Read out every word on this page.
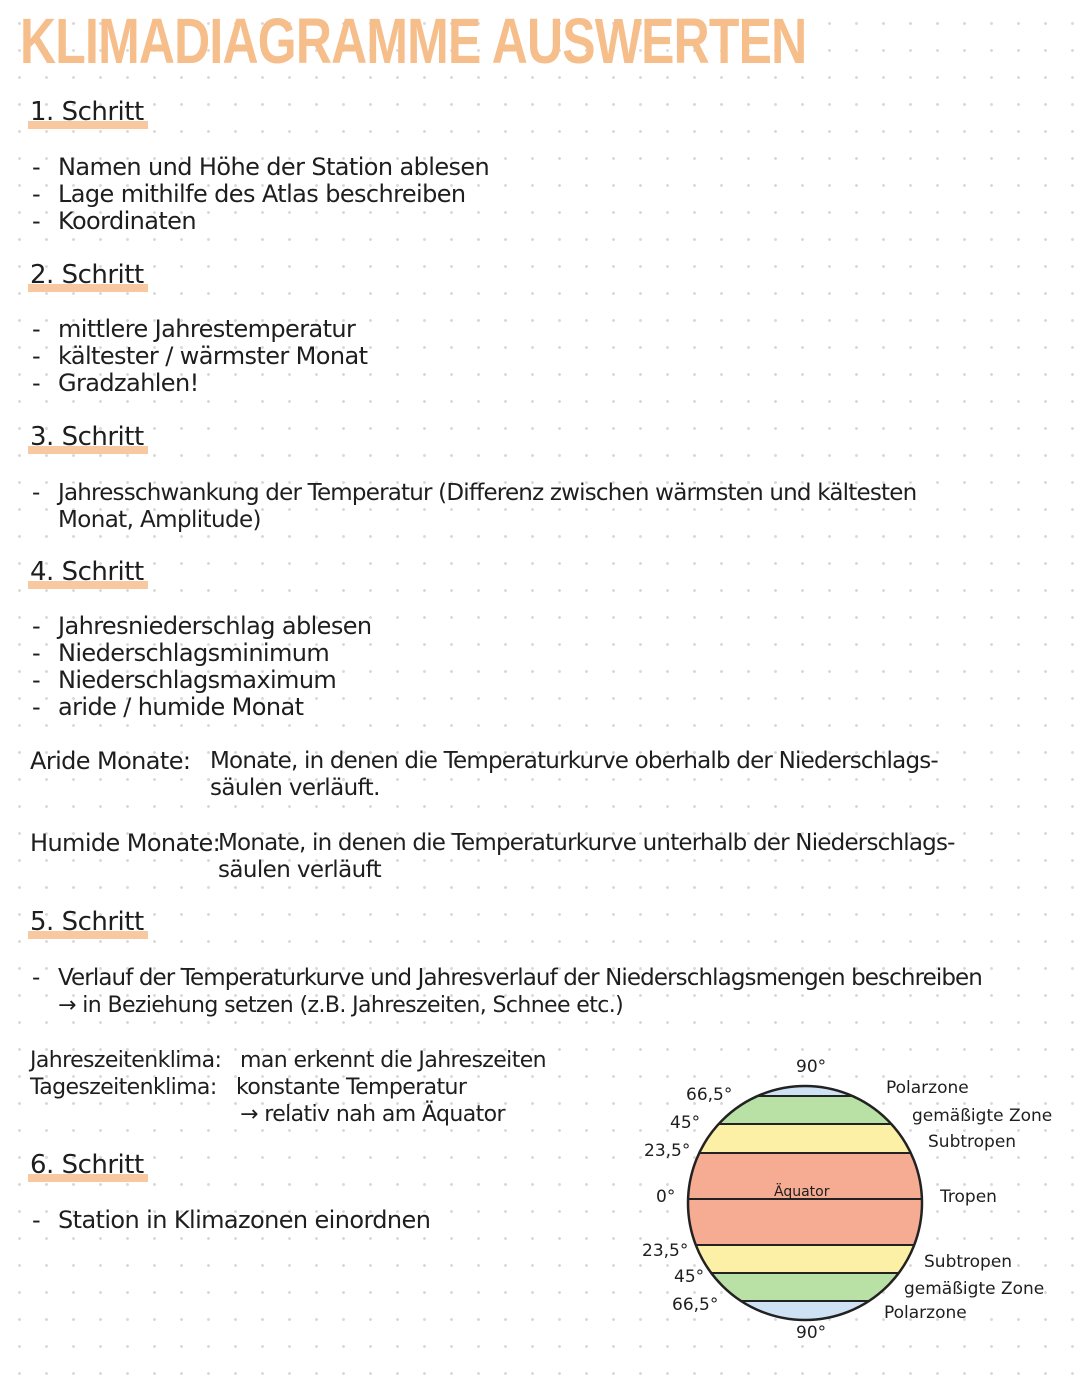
KLIMADIAGRAMME AUSWERTEN
1. Schritt
- Namen und Höhe der Station ablesen
- Lage mithilfe des Atlas beschreiben
- Koordinaten
2. Schritt
- mittlere Jahrestemperatur
- kältester / wärmster Monat
- Gradzahlen!
3. Schritt
- Jahresschwankung der Temperatur (Differenz zwischen wärmsten und kältesten
Monat, Amplitude)
4. Schritt
- Jahresniederschlag ablesen
- Niederschlagsminimum
- Niederschlagsmaximum
- aride / humide Monat
Aride Monate: Monate, in denen die Temperaturkurve oberhalb der Niederschlags-
säulen verläuft.
Humide Monate:
Monate, in denen die Temperaturkurve unterhalb der Niederschlags-
säulen verläuft
5. Schritt
- Verlauf der Temperaturkurve und Jahresverlauf der Niederschlagsmengen beschreiben
→ in Beziehung setzen (z.B. Jahreszeiten, Schnee etc.)
Jahreszeitenklima: man erkennt die Jahreszeiten
Tageszeitenklima: konstante Temperatur
→ relativ nah am Äquator
6. Schritt
- Station in Klimazonen einordnen
90°
66,5°
45°
23,5°
0°
23,5°
45°
66,5°
90°
Äquator
Polarzone
gemäßigte Zone
Subtropen
Tropen
Subtropen
gemäßigte Zone
Polarzone
